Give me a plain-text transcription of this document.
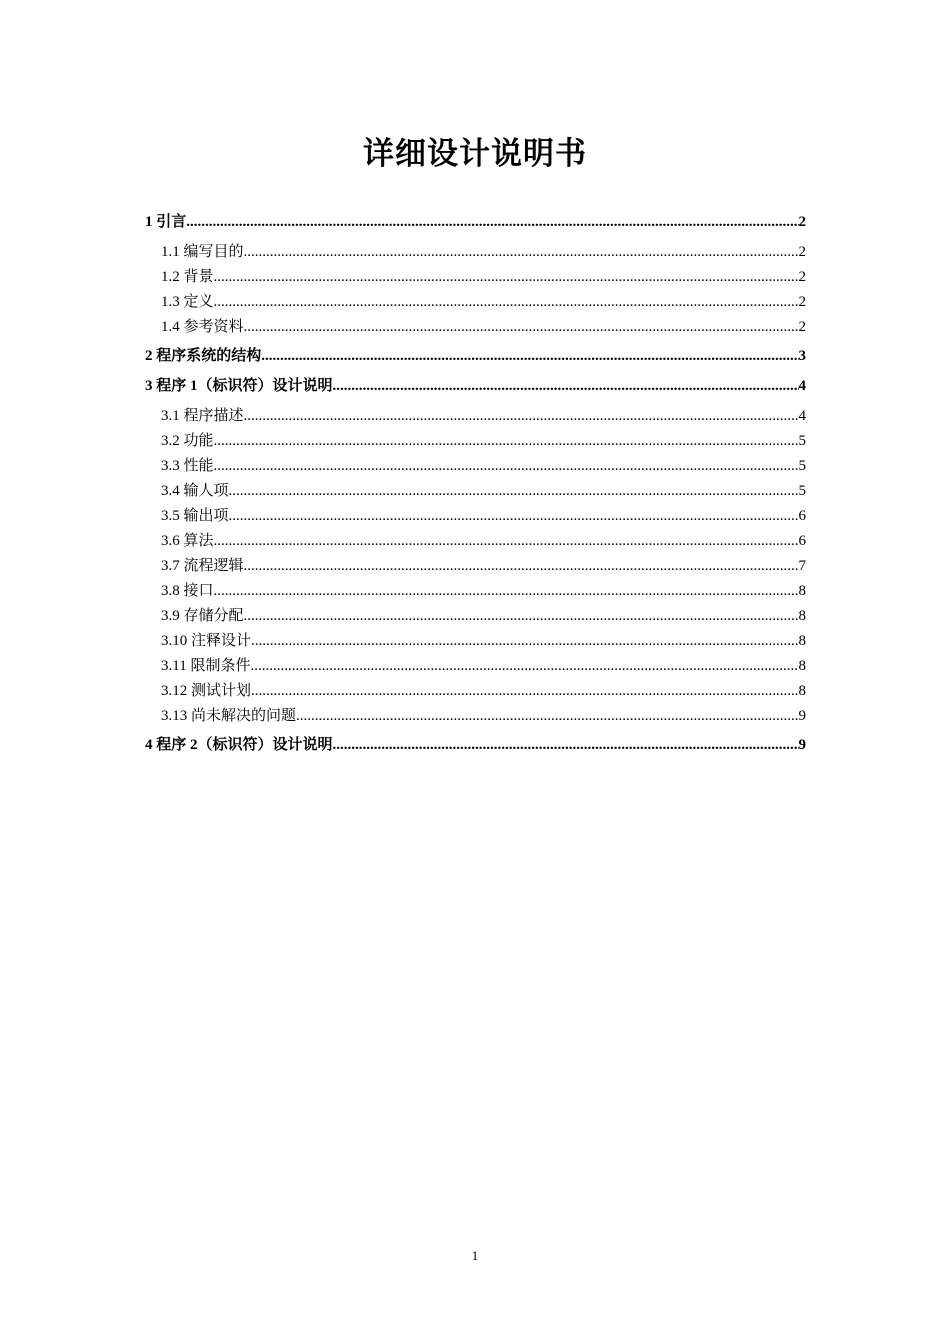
详细设计说明书
1 引言 .....	2
1.1 编写目的 .....	2
1.2 背景 .....	2
1.3 定义 .....	2
1.4 参考资料 .....	2
2 程序系统的结构 .....	3
3 程序 1（标识符）设计说明 .....	4
3.1 程序描述 .....	4
3.2 功能 .....	5
3.3 性能 .....	5
3.4 输人项 .....	5
3.5 输出项 .....	6
3.6 算法 .....	6
3.7 流程逻辑 .....	7
3.8 接口 .....	8
3.9 存储分配 .....	8
3.10 注释设计 .....	8
3.11 限制条件 .....	8
3.12 测试计划 .....	8
3.13 尚未解决的问题 .....	9
4 程序 2（标识符）设计说明 .....	9
1
